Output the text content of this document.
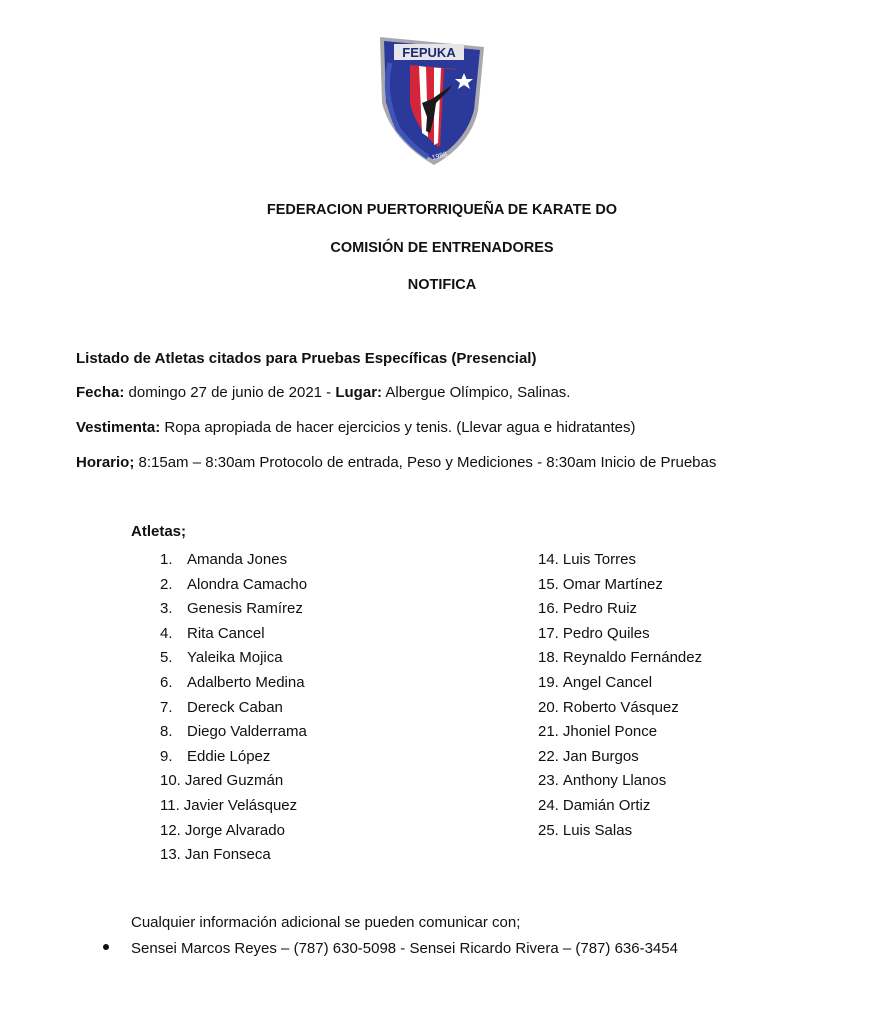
FEPUKA
1986
FEDERACION PUERTORRIQUEÑA DE KARATE DO
COMISIÓN DE ENTRENADORES
NOTIFICA
Listado de Atletas citados para Pruebas Específicas (Presencial)
Fecha: domingo 27 de junio de 2021 - Lugar: Albergue Olímpico, Salinas.
Vestimenta: Ropa apropiada de hacer ejercicios y tenis. (Llevar agua e hidratantes)
Horario; 8:15am – 8:30am Protocolo de entrada, Peso y Mediciones - 8:30am Inicio de Pruebas
Atletas;
1. Amanda Jones
2. Alondra Camacho
3. Genesis Ramírez
4. Rita Cancel
5. Yaleika Mojica
6. Adalberto Medina
7. Dereck Caban
8. Diego Valderrama
9. Eddie López
10. Jared Guzmán
11. Javier Velásquez
12. Jorge Alvarado
13. Jan Fonseca
14. Luis Torres
15. Omar Martínez
16. Pedro Ruiz
17. Pedro Quiles
18. Reynaldo Fernández
19. Angel Cancel
20. Roberto Vásquez
21. Jhoniel Ponce
22. Jan Burgos
23. Anthony Llanos
24. Damián Ortiz
25. Luis Salas
Cualquier información adicional se pueden comunicar con;
Sensei Marcos Reyes – (787) 630-5098 - Sensei Ricardo Rivera – (787) 636-3454
